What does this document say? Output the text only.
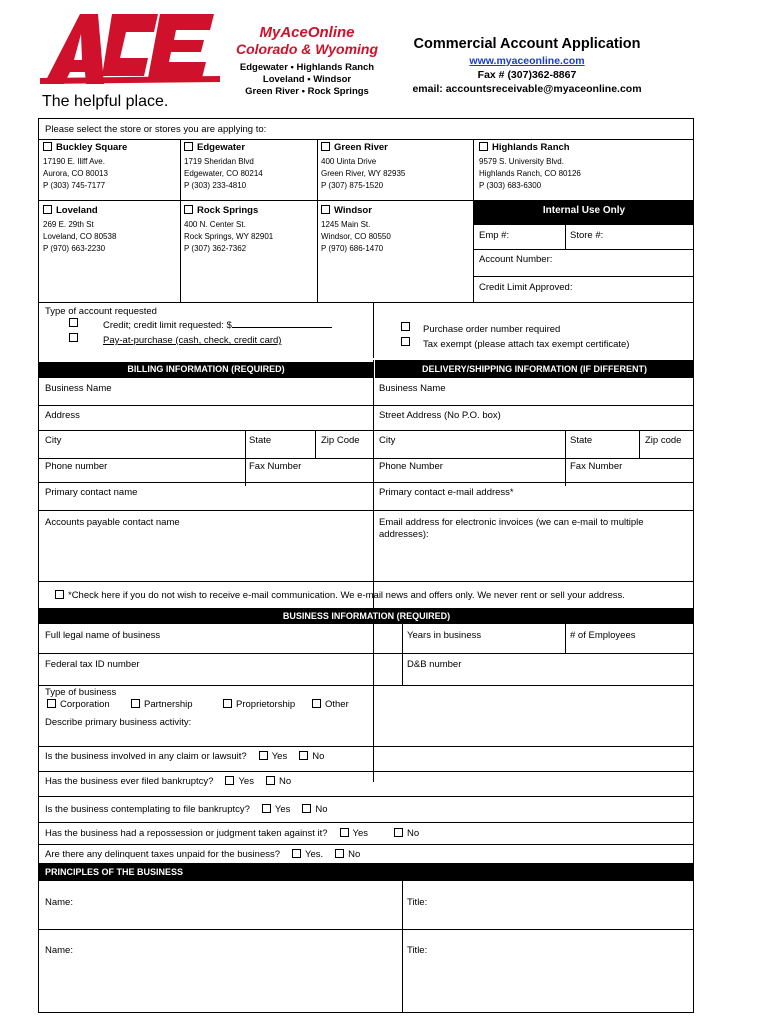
The helpful place.
MyAceOnline
Colorado & Wyoming
Edgewater • Highlands Ranch
Loveland • Windsor
Green River • Rock Springs
Commercial Account Application
www.myaceonline.com
Fax # (307)362-8867
email: accountsreceivable@myaceonline.com
Please select the store or stores you are applying to:
Buckley Square
17190 E. Iliff Ave.
Aurora, CO 80013
P (303) 745-7177
Edgewater
1719 Sheridan Blvd
Edgewater, CO 80214
P (303) 233-4810
Green River
400 Uinta Drive
Green River, WY 82935
P (307) 875-1520
Highlands Ranch
9579 S. University Blvd.
Highlands Ranch, CO 80126
P (303) 683-6300
Loveland
269 E. 29th St
Loveland, CO 80538
P (970) 663-2230
Rock Springs
400 N. Center St.
Rock Springs, WY 82901
P (307) 362-7362
Windsor
1245 Main St.
Windsor, CO 80550
P (970) 686-1470
Internal Use Only
Emp #:	Store #:
Account Number:
Credit Limit Approved:
Type of account requested
Credit; credit limit requested: $
Pay-at-purchase (cash, check, credit card)
Purchase order number required
Tax exempt (please attach tax exempt certificate)
BILLING INFORMATION (REQUIRED)	DELIVERY/SHIPPING INFORMATION (IF DIFFERENT)
Business Name	Business Name
Address	Street Address (No P.O. box)
City	State	Zip Code City	State	Zip code
Phone number	Fax Number	Phone Number	Fax Number
Primary contact name	Primary contact e-mail address*
Accounts payable contact name	Email address for electronic invoices (we can e-mail to multiple addresses):
*Check here if you do not wish to receive e-mail communication. We e-mail news and offers only. We never rent or sell your address.
BUSINESS INFORMATION (REQUIRED)
Full legal name of business	Years in business	# of Employees
Federal tax ID number	D&B number
Type of business
Corporation	Partnership	Proprietorship	Other
Describe primary business activity:
Is the business involved in any claim or lawsuit?	Yes	No
Has the business ever filed bankruptcy?	Yes	No
Is the business contemplating to file bankruptcy?	Yes	No
Has the business had a repossession or judgment taken against it?	Yes	No
Are there any delinquent taxes unpaid for the business?	Yes.	No
PRINCIPLES OF THE BUSINESS
Name:	Title:
Name:	Title:
